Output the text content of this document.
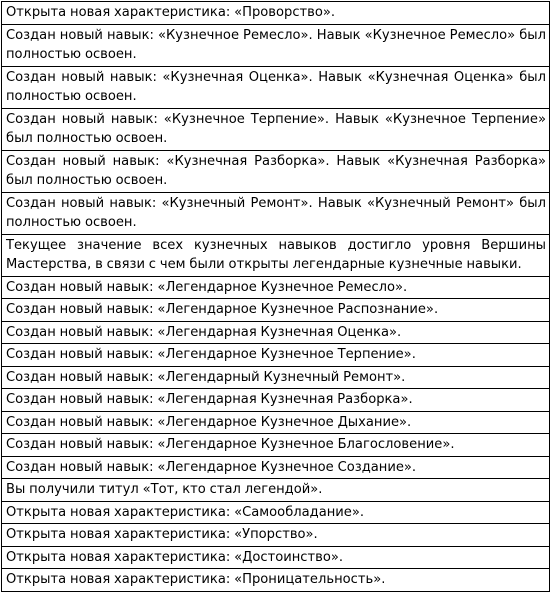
Открыта новая характеристика: «Проворство».
Создан новый навык: «Кузнечное Ремесло». Навык «Кузнечное Ремесло» был полностью освоен.
Создан новый навык: «Кузнечная Оценка». Навык «Кузнечная Оценка» был полностью освоен.
Создан новый навык: «Кузнечное Терпение». Навык «Кузнечное Терпение» был полностью освоен.
Создан новый навык: «Кузнечная Разборка». Навык «Кузнечная Разборка» был полностью освоен.
Создан новый навык: «Кузнечный Ремонт». Навык «Кузнечный Ремонт» был полностью освоен.
Текущее значение всех кузнечных навыков достигло уровня Вершины Мастерства, в связи с чем были открыты легендарные кузнечные навыки.
Создан новый навык: «Легендарное Кузнечное Ремесло».
Создан новый навык: «Легендарное Кузнечное Распознание».
Создан новый навык: «Легендарная Кузнечная Оценка».
Создан новый навык: «Легендарное Кузнечное Терпение».
Создан новый навык: «Легендарный Кузнечный Ремонт».
Создан новый навык: «Легендарная Кузнечная Разборка».
Создан новый навык: «Легендарное Кузнечное Дыхание».
Создан новый навык: «Легендарное Кузнечное Благословение».
Создан новый навык: «Легендарное Кузнечное Создание».
Вы получили титул «Тот, кто стал легендой».
Открыта новая характеристика: «Самообладание».
Открыта новая характеристика: «Упорство».
Открыта новая характеристика: «Достоинство».
Открыта новая характеристика: «Проницательность».
